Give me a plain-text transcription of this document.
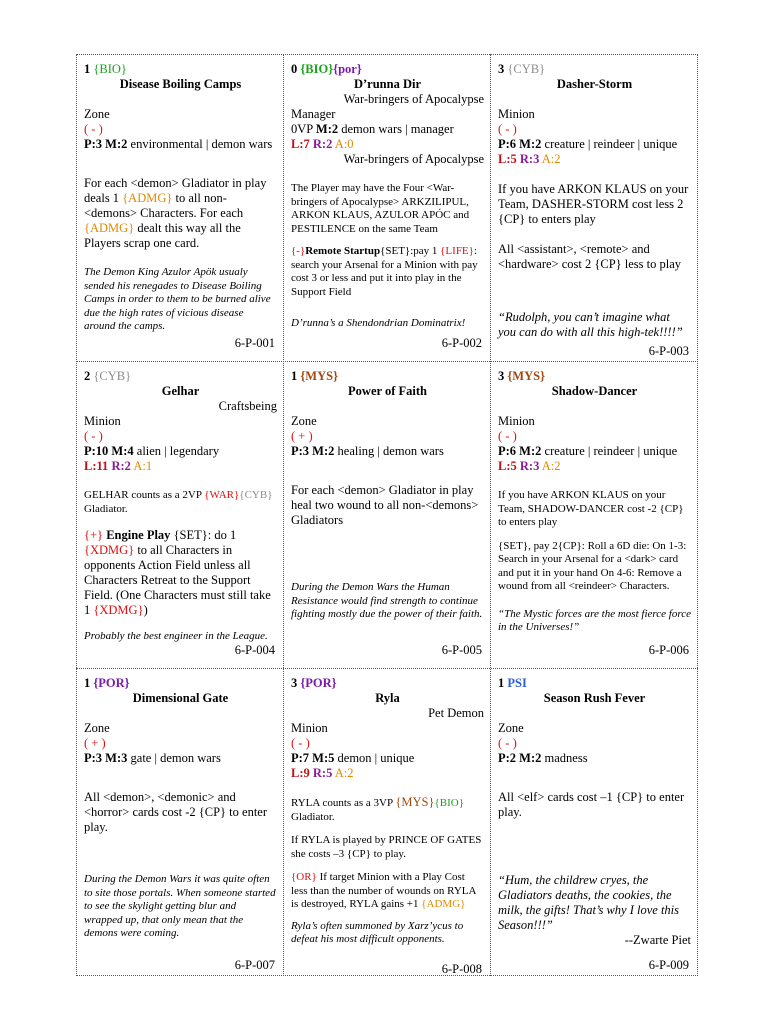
1 {BIO}
Disease Boiling Camps
Zone
( - )
P:3 M:2 environmental | demon wars
For each <demon> Gladiator in play deals 1 {ADMG} to all non-<demons> Characters. For each {ADMG} dealt this way all the Players scrap one card.
The Demon King Azulor Apök usualy sended his renegades to Disease Boiling Camps in order to them to be burned alive due the high rates of vicious disease around the camps.
6-P-001
0 {BIO}{por}
D’runna Dir
War-bringers of Apocalypse
Manager
0VP M:2 demon wars | manager
L:7 R:2 A:0
War-bringers of Apocalypse
The Player may have the Four <War-bringers of Apocalypse> ARKZILIPUL, ARKON KLAUS, AZULOR APÓC and PESTILENCE on the same Team
{-}Remote Startup{SET}:pay 1 {LIFE}: search your Arsenal for a Minion with pay cost 3 or less and put it into play in the Support Field
D’runna’s a Shendondrian Dominatrix!
6-P-002
3 {CYB}
Dasher-Storm
Minion
( - )
P:6 M:2 creature | reindeer | unique
L:5 R:3 A:2
If you have ARKON KLAUS on your Team, DASHER-STORM cost less 2 {CP} to enters play
All <assistant>, <remote> and <hardware> cost 2 {CP} less to play
“Rudolph, you can’t imagine what you can do with all this high-tek!!!!”
6-P-003
2 {CYB}
Gelhar
Craftsbeing
Minion
( - )
P:10 M:4 alien | legendary
L:11 R:2 A:1
GELHAR counts as a 2VP {WAR}{CYB} Gladiator.
{+} Engine Play {SET}: do 1 {XDMG} to all Characters in opponents Action Field unless all Characters Retreat to the Support Field. (One Characters must still take 1 {XDMG})
Probably the best engineer in the League.
6-P-004
1 {MYS}
Power of Faith
Zone
( + )
P:3 M:2 healing | demon wars
For each <demon> Gladiator in play heal two wound to all non-<demons> Gladiators
During the Demon Wars the Human Resistance would find strength to continue fighting mostly due the power of their faith.
6-P-005
3 {MYS}
Shadow-Dancer
Minion
( - )
P:6 M:2 creature | reindeer | unique
L:5 R:3 A:2
If you have ARKON KLAUS on your Team, SHADOW-DANCER cost -2 {CP} to enters play
{SET}, pay 2{CP}: Roll a 6D die: On 1-3: Search in your Arsenal for a <dark> card and put it in your hand On 4-6: Remove a wound from all <reindeer> Characters.
“The Mystic forces are the most fierce force in the Universes!”
6-P-006
1 {POR}
Dimensional Gate
Zone
( + )
P:3 M:3 gate | demon wars
All <demon>, <demonic> and <horror> cards cost -2 {CP} to enter play.
During the Demon Wars it was quite often to site those portals. When someone started to see the skylight getting blur and wrapped up, that only mean that the demons were coming.
6-P-007
3 {POR}
Ryla
Pet Demon
Minion
( - )
P:7 M:5 demon | unique
L:9 R:5 A:2
RYLA counts as a 3VP {MYS}{BIO} Gladiator.
If RYLA is played by PRINCE OF GATES she costs –3 {CP} to play.
{OR} If target Minion with a Play Cost less than the number of wounds on RYLA is destroyed, RYLA gains +1 {ADMG}
Ryla’s often summoned by Xarz’ycus to defeat his most difficult opponents.
6-P-008
1 PSI
Season Rush Fever
Zone
( - )
P:2 M:2 madness
All <elf> cards cost –1 {CP} to enter play.
“Hum, the childrew cryes, the Gladiators deaths, the cookies, the milk, the gifts! That’s why I love this Season!!!”
--Zwarte Piet
6-P-009
